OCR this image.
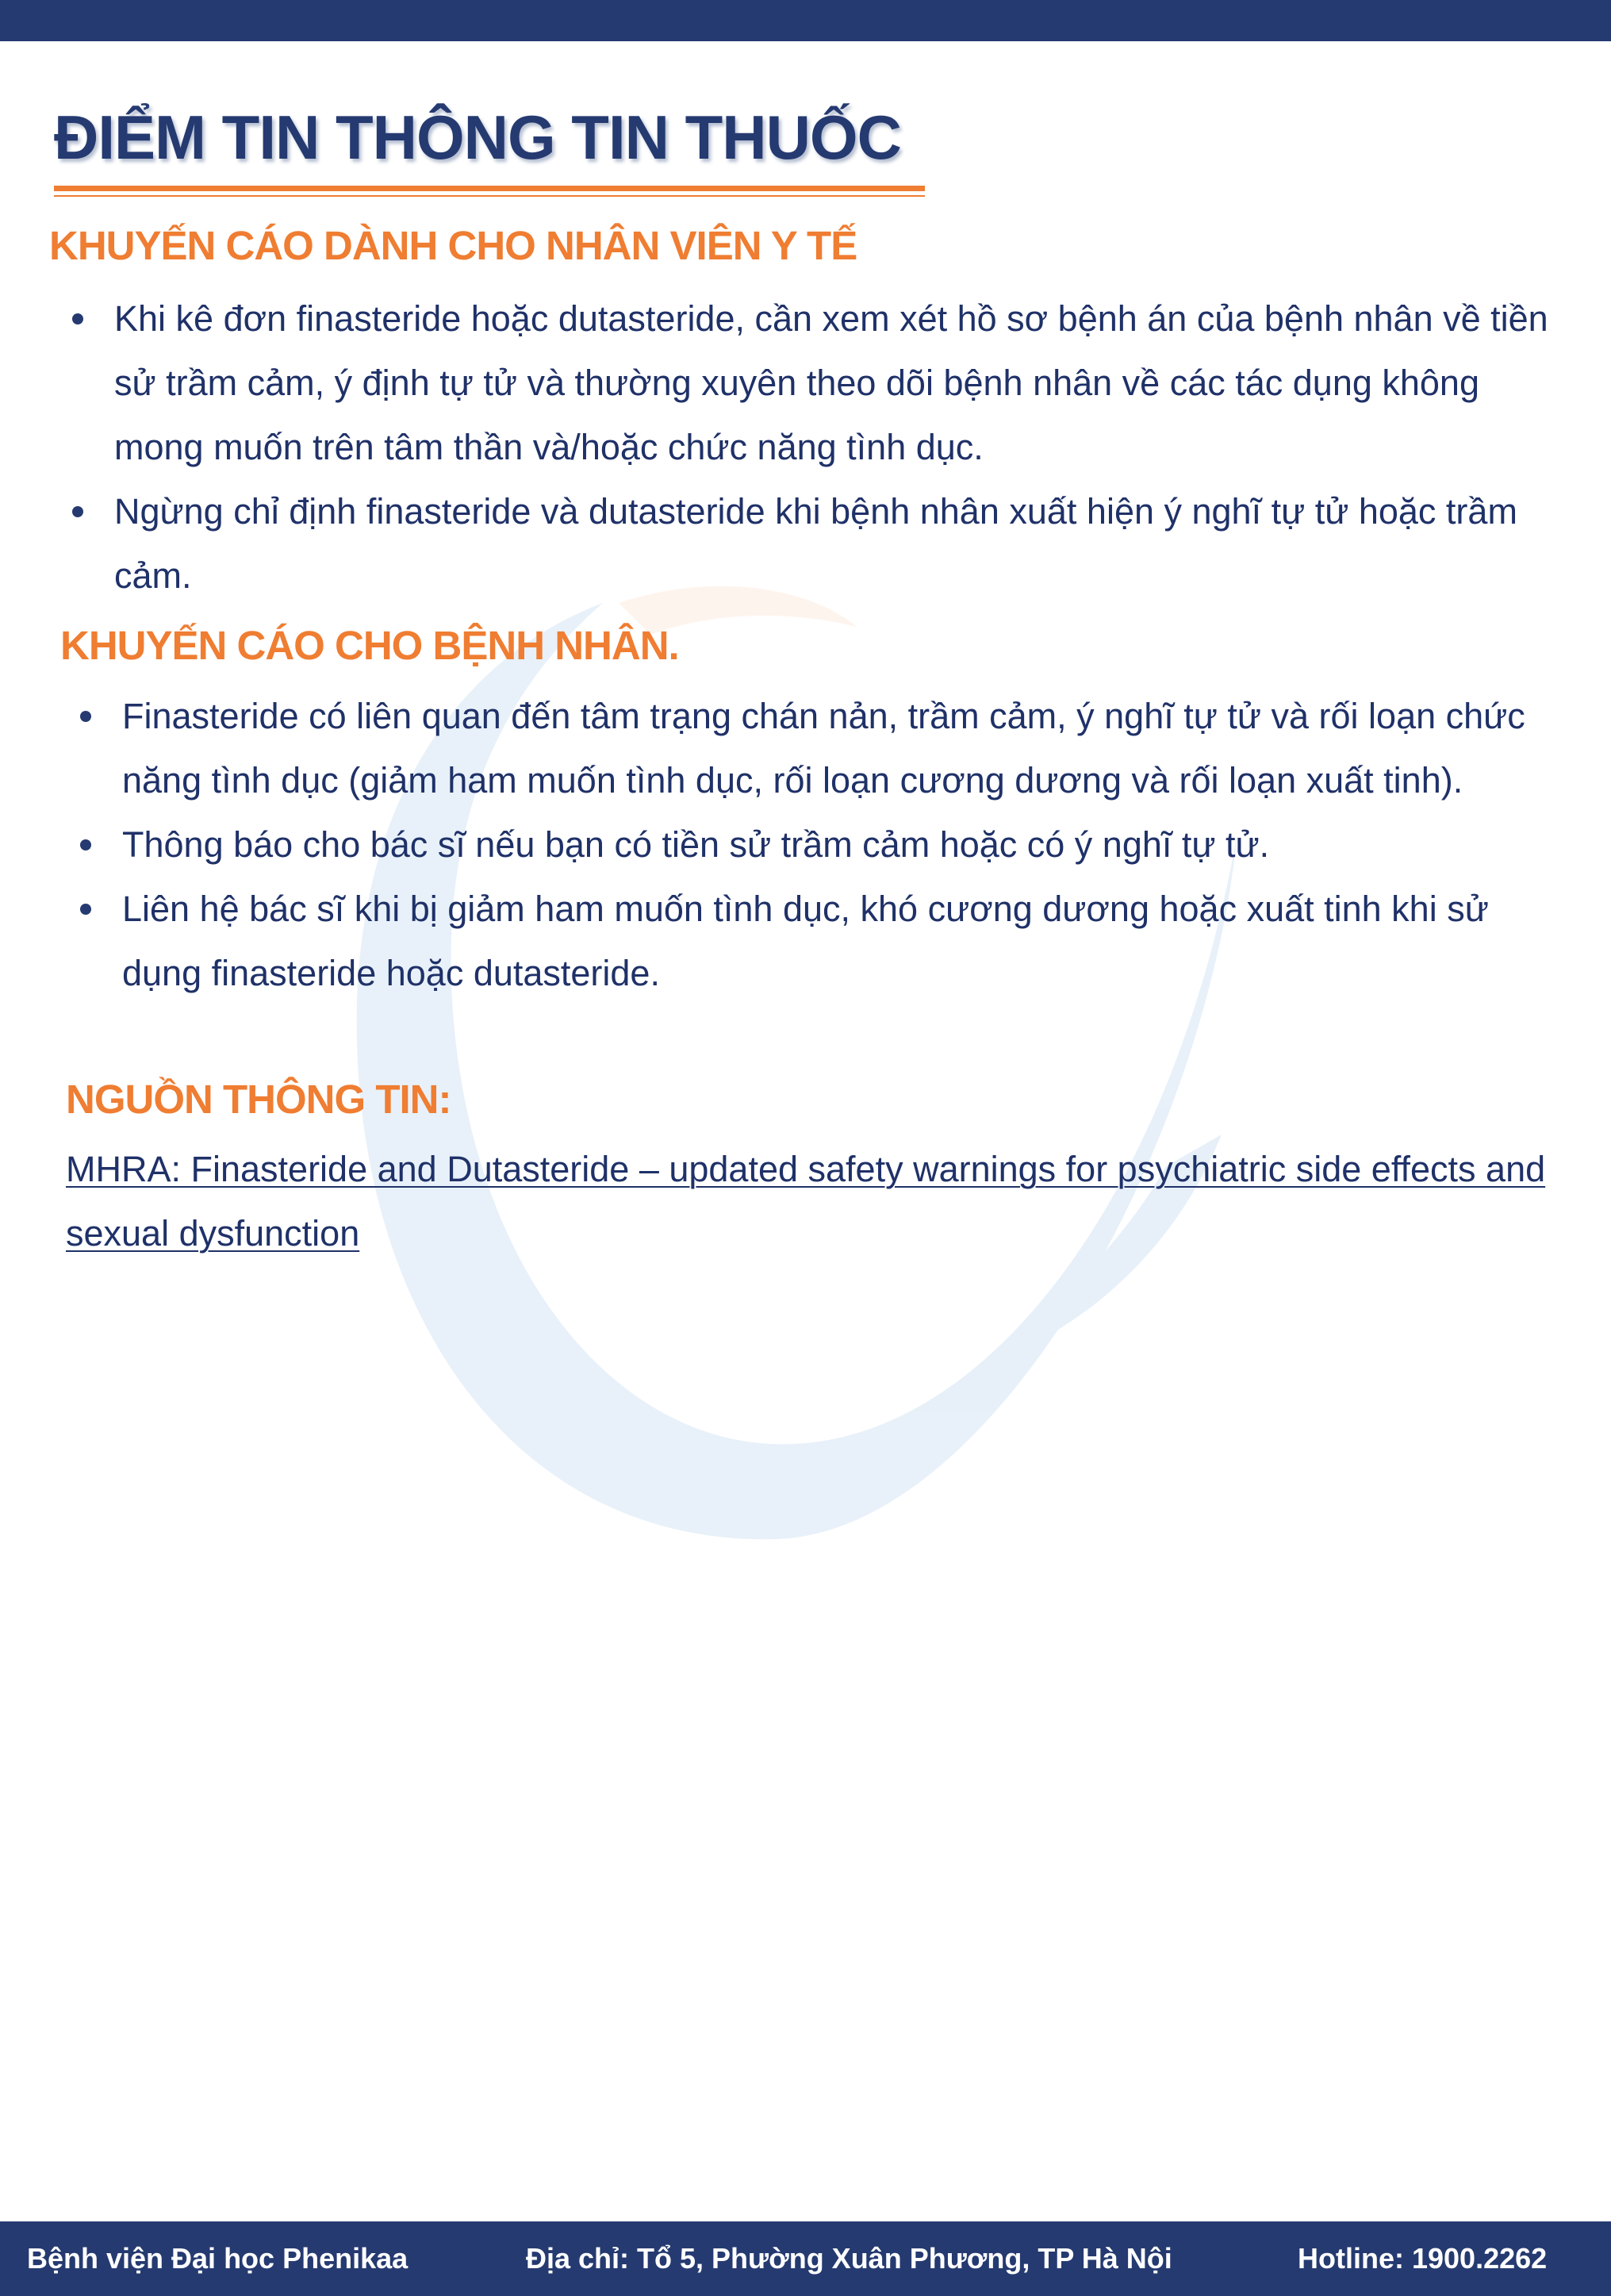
ĐIỂM TIN THÔNG TIN THUỐC
KHUYẾN CÁO DÀNH CHO NHÂN VIÊN Y TẾ
Khi kê đơn finasteride hoặc dutasteride, cần xem xét hồ sơ bệnh án của bệnh nhân về tiền sử trầm cảm, ý định tự tử và thường xuyên theo dõi bệnh nhân về các tác dụng không mong muốn trên tâm thần và/hoặc chức năng tình dục.
Ngừng chỉ định finasteride và dutasteride khi bệnh nhân xuất hiện ý nghĩ tự tử hoặc trầm cảm.
KHUYẾN CÁO CHO BỆNH NHÂN.
Finasteride có liên quan đến tâm trạng chán nản, trầm cảm, ý nghĩ tự tử và rối loạn chức năng tình dục (giảm ham muốn tình dục, rối loạn cương dương và rối loạn xuất tinh).
Thông báo cho bác sĩ nếu bạn có tiền sử trầm cảm hoặc có ý nghĩ tự tử.
Liên hệ bác sĩ khi bị giảm ham muốn tình dục, khó cương dương hoặc xuất tinh khi sử dụng finasteride hoặc dutasteride.
NGUỒN THÔNG TIN:

MHRA: Finasteride and Dutasteride – updated safety warnings for psychiatric side effects and sexual dysfunction

Bệnh viện Đại học Phenikaa	Địa chỉ: Tổ 5, Phường Xuân Phương, TP Hà Nội	Hotline: 1900.2262
